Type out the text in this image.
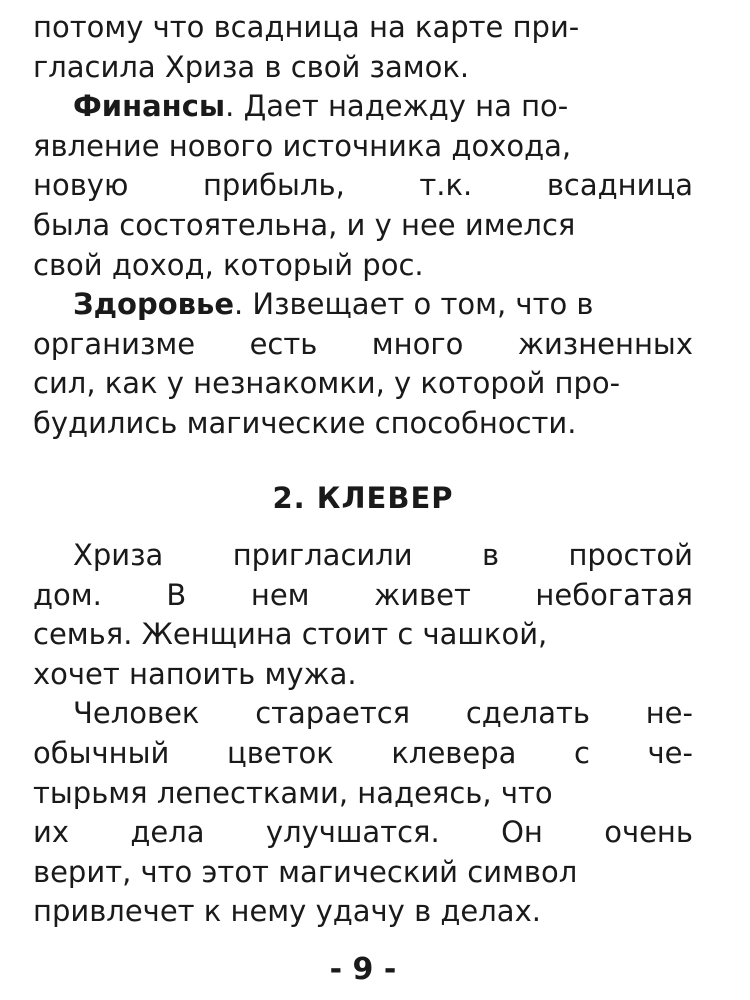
потому что всадница на карте при-
гласила Хриза в свой замок.
Финансы. Дает надежду на по-
явление нового источника дохода,
новую	прибыль,	т.к.	всадница
была состоятельна, и у нее имелся
свой доход, который рос.
Здоровье. Извещает о том, что в
организме есть много жизненных
сил, как у незнакомки, у которой про-
будились магические способности.
2. КЛЕВЕР
Хриза пригласили в простой
дом. В нем живет небогатая
семья. Женщина стоит с чашкой,
хочет напоить мужа.
Человек старается сделать не-
обычный цветок клевера с че-
тырьмя лепестками, надеясь, что
их дела улучшатся. Он очень
верит, что этот магический символ
привлечет к нему удачу в делах.
- 9 -
